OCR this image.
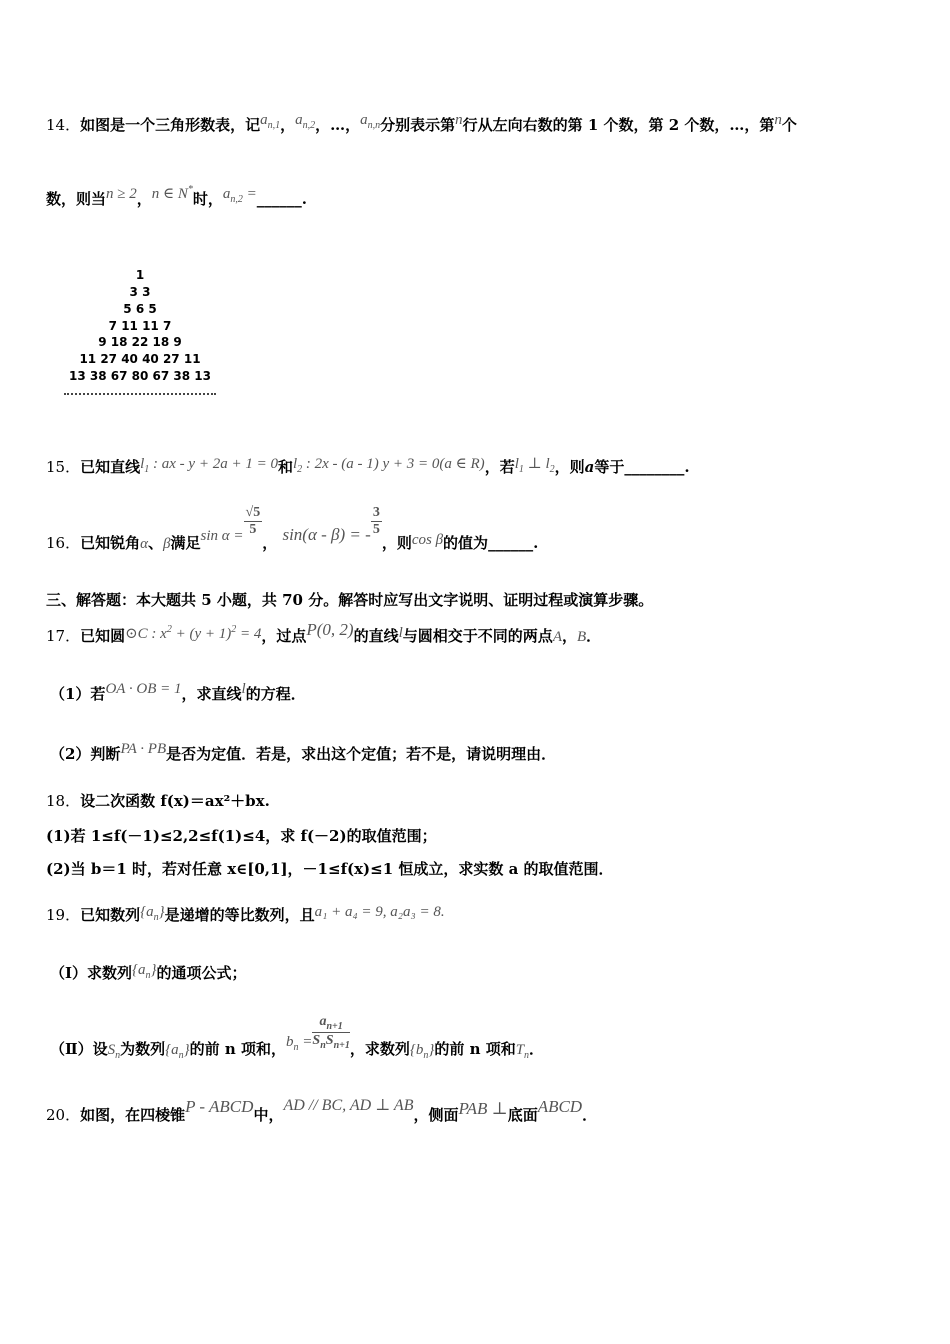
14．如图是一个三角形数表，记$a_{n,1}$，$a_{n,2}$，…，$a_{n,n}$分别表示第n行从左向右数的第 1 个数，第 2 个数，…，第n个
数，则当n ≥ 2，n ∈ N*时，$a_{n,2}$ =______.
1
3 3
5 6 5
7 11 11 7
9 18 22 18 9
11 27 40 40 27 11
13 38 67 80 67 38 13
15．已知直线$l_1$ : ax - y + 2a + 1 = 0和$l_2$ : 2x - (a - 1) y + 3 = 0(a ∈ R)，若$l_1$ ⊥ $l_2$，则a等于________.
16．已知锐角α、β满足$\sin \alpha = \frac{√5}{5}$
， sin(α - β) = - $\frac{3}{5}$
，则cos β的值为______.
三、解答题：本大题共 5 小题，共 70 分。解答时应写出文字说明、证明过程或演算步骤。
17．已知圆⊙C : $x^2 + (y + 1)^2 = 4$，过点P(0, 2)的直线l与圆相交于不同的两点A，B．
（1）若OA · OB = 1，求直线l的方程．
（2）判断PA · PB是否为定值．若是，求出这个定值；若不是，请说明理由．
18．设二次函数 f(x)＝ax²＋bx.
(1)若 1≤f(－1)≤2,2≤f(1)≤4，求 f(－2)的取值范围；
(2)当 b＝1 时，若对任意 x∈[0,1]，－1≤f(x)≤1 恒成立，求实数 a 的取值范围．
19．已知数列$\{a_n\}$是递增的等比数列，且a₁ + a₄ = 9, a₂a₃ = 8.
（Ⅰ）求数列$\{a_n\}$的通项公式；
（Ⅱ）设$S_n$为数列$\{a_n\}$的前 n 项和，$b_n = \frac{a_{n+1}}{S_nS_{n+1}}$ ，求数列$\{b_n\}$的前 n 项和$T_n$．
20．如图，在四棱锥P - ABCD中，AD // BC, AD ⊥ AB，侧面PAB ⊥底面ABCD．
